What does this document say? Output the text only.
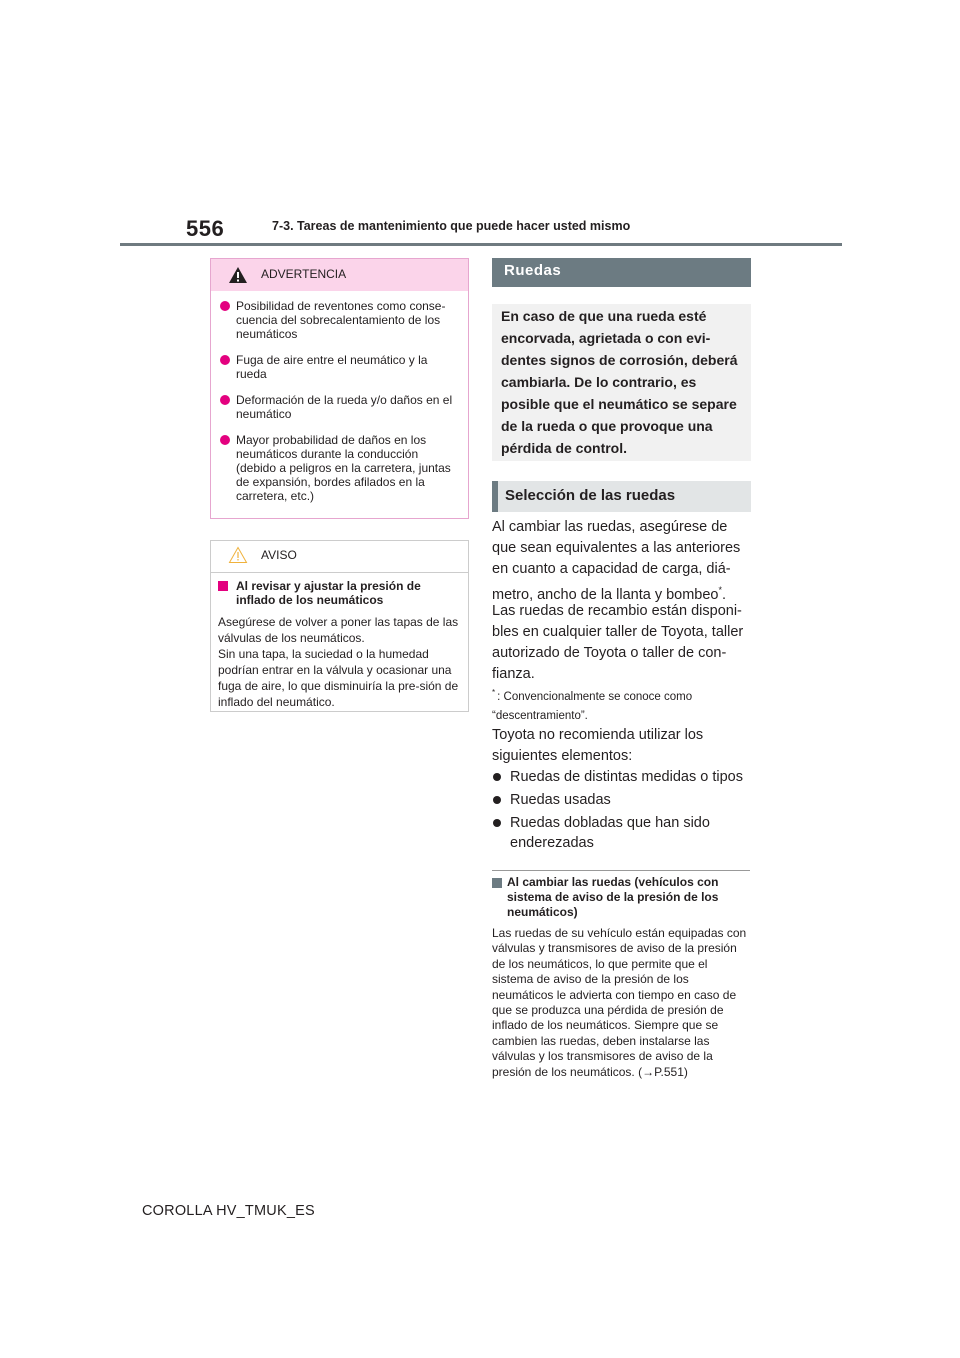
556	7-3. Tareas de mantenimiento que puede hacer usted mismo
ADVERTENCIA
Posibilidad de reventones como conse-cuencia del sobrecalentamiento de los neumáticos
Fuga de aire entre el neumático y la rueda
Deformación de la rueda y/o daños en el neumático
Mayor probabilidad de daños en los neumáticos durante la conducción (debido a peligros en la carretera, juntas de expansión, bordes afilados en la carretera, etc.)
AVISO
Al revisar y ajustar la presión de inflado de los neumáticos
Asegúrese de volver a poner las tapas de las válvulas de los neumáticos.
Sin una tapa, la suciedad o la humedad podrían entrar en la válvula y ocasionar una fuga de aire, lo que disminuiría la pre-sión de inflado del neumático.
Ruedas

En caso de que una rueda esté encorvada, agrietada o con evi-dentes signos de corrosión, deberá cambiarla. De lo contrario, es posible que el neumático se separe de la rueda o que provoque una pérdida de control.

Selección de las ruedas
Al cambiar las ruedas, asegúrese de que sean equivalentes a las anteriores en cuanto a capacidad de carga, diá-metro, ancho de la llanta y bombeo*.
Las ruedas de recambio están disponi-bles en cualquier taller de Toyota, taller autorizado de Toyota o taller de con-fianza.
* : Convencionalmente se conoce como “descentramiento”.
Toyota no recomienda utilizar los siguientes elementos:
Ruedas de distintas medidas o tipos
Ruedas usadas
Ruedas dobladas que han sido enderezadas
Al cambiar las ruedas (vehículos con sistema de aviso de la presión de los neumáticos)
Las ruedas de su vehículo están equipadas con válvulas y transmisores de aviso de la presión de los neumáticos, lo que permite que el sistema de aviso de la presión de los neumáticos le advierta con tiempo en caso de que se produzca una pérdida de presión de inflado de los neumáticos. Siempre que se cambien las ruedas, deben instalarse las válvulas y los transmisores de aviso de la presión de los neumáticos. (→P.551)
COROLLA HV_TMUK_ES
